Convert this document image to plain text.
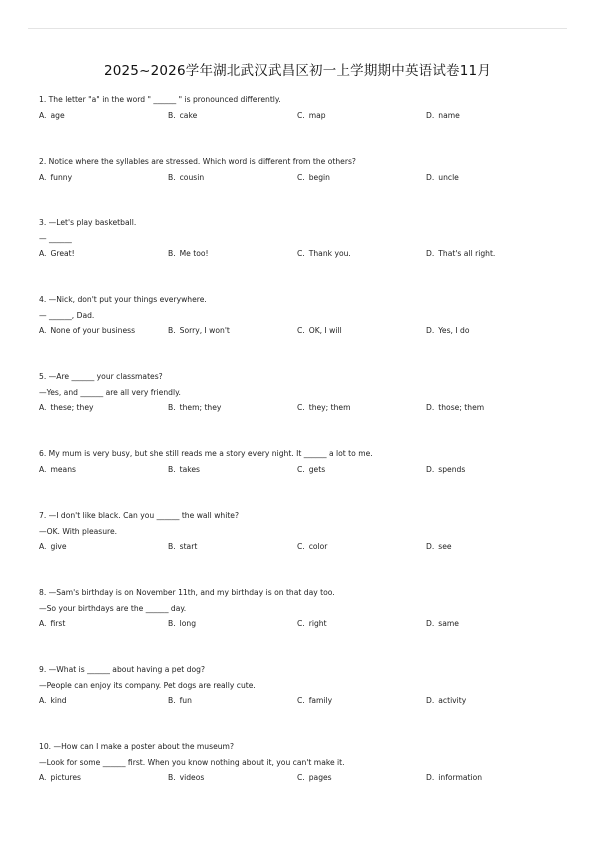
2025~2026学年湖北武汉武昌区初一上学期期中英语试卷11月
1. The letter "a" in the word " ______ " is pronounced differently.
A. age	B. cake	C. map	D. name
2. Notice where the syllables are stressed. Which word is different from the others?
A. funny	B. cousin	C. begin	D. uncle
3. —Let's play basketball.
— ______
A. Great!	B. Me too!	C. Thank you.	D. That's all right.
4. —Nick, don't put your things everywhere.
— ______, Dad.
A. None of your business	B. Sorry, I won't	C. OK, I will	D. Yes, I do
5. —Are ______ your classmates?
—Yes, and ______ are all very friendly.
A. these; they	B. them; they	C. they; them	D. those; them
6. My mum is very busy, but she still reads me a story every night. It ______ a lot to me.
A. means	B. takes	C. gets	D. spends
7. —I don't like black. Can you ______ the wall white?
—OK. With pleasure.
A. give	B. start	C. color	D. see
8. —Sam's birthday is on November 11th, and my birthday is on that day too.
—So your birthdays are the ______ day.
A. first	B. long	C. right	D. same
9. —What is ______ about having a pet dog?
—People can enjoy its company. Pet dogs are really cute.
A. kind	B. fun	C. family	D. activity
10. —How can I make a poster about the museum?
—Look for some ______ first. When you know nothing about it, you can't make it.
A. pictures	B. videos	C. pages	D. information
